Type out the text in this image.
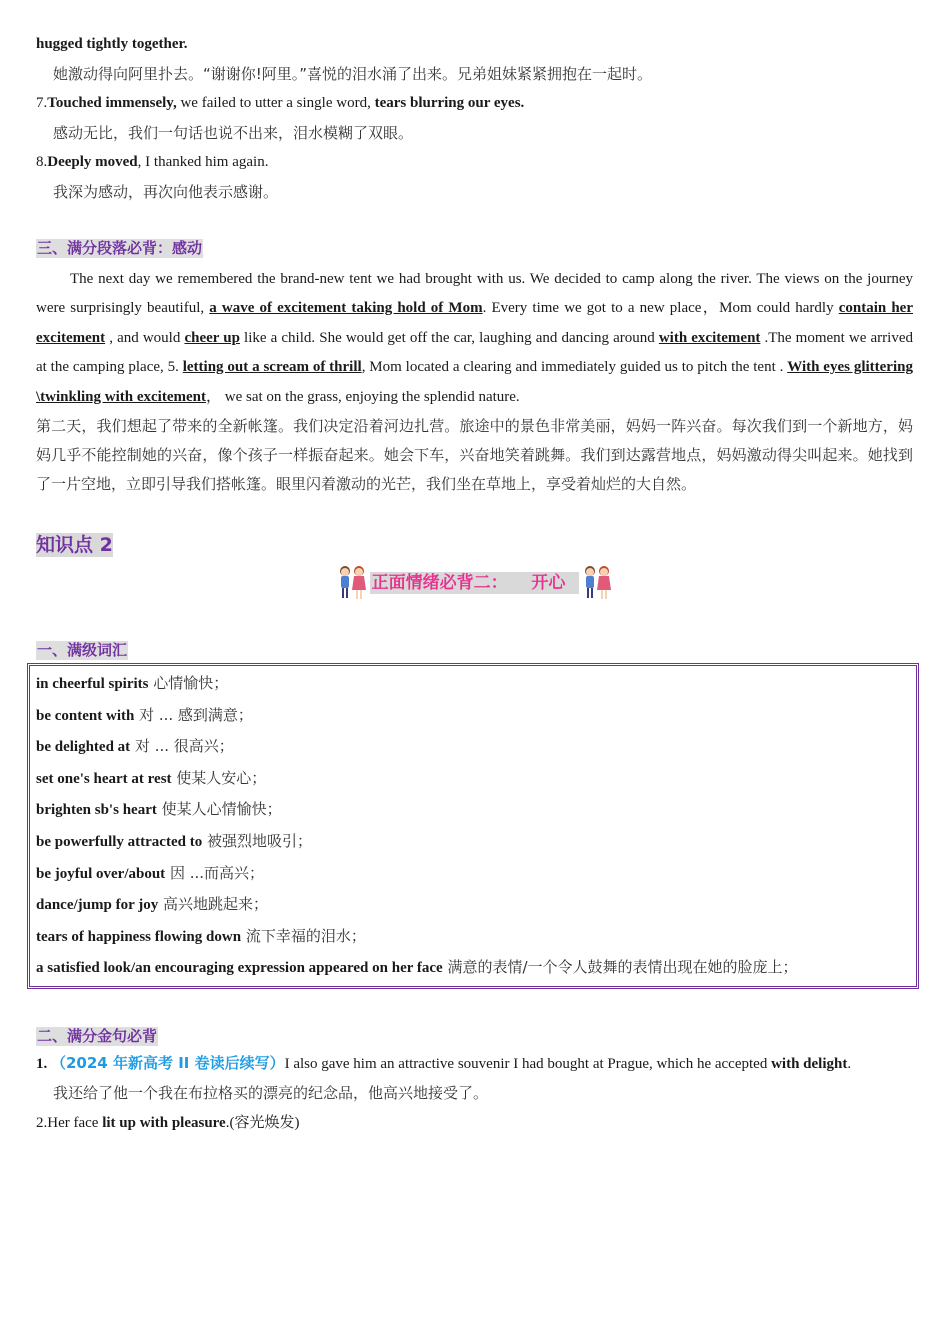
hugged tightly together.

她激动得向阿里扑去。“谢谢你!阿里。”喜悦的泪水涌了出来。兄弟姐妹紧紧拥抱在一起时。

7.Touched immensely, we failed to utter a single word, tears blurring our eyes.

感动无比，我们一句话也说不出来，泪水模糊了双眼。

8.Deeply moved, I thanked him again.

我深为感动，再次向他表示感谢。

三、满分段落必背：感动

The next day we remembered the brand-new tent we had brought with us. We decided to camp along the river. The views on the journey were surprisingly beautiful, a wave of excitement taking hold of Mom. Every time we got to a new place，Mom could hardly contain her excitement , and would cheer up like a child. She would get off the car, laughing and dancing around with excitement .The moment we arrived at the camping place, 5. letting out a scream of thrill, Mom located a clearing and immediately guided us to pitch the tent . With eyes glittering \twinkling with excitement， we sat on the grass, enjoying the splendid nature.

第二天，我们想起了带来的全新帐篷。我们决定沿着河边扎营。旅途中的景色非常美丽，妈妈一阵兴奋。每次我们到一个新地方，妈妈几乎不能控制她的兴奋，像个孩子一样振奋起来。她会下车，兴奋地笑着跳舞。我们到达露营地点，妈妈激动得尖叫起来。她找到了一片空地，立即引导我们搭帐篷。眼里闪着激动的光芒，我们坐在草地上，享受着灿烂的大自然。

知识点 2

正面情绪必背二：    开心

一、满级词汇

in cheerful spirits 心情愉快；

be content with 对 ... 感到满意；

be delighted at 对 ... 很高兴；

set one's heart at rest 使某人安心；

brighten sb's heart 使某人心情愉快；

be powerfully attracted to 被强烈地吸引；

be joyful over/about 因 ...而高兴；

dance/jump for joy 高兴地跳起来；

tears of happiness flowing down 流下幸福的泪水；

a satisfied look/an encouraging expression appeared on her face 满意的表情/一个令人鼓舞的表情出现在她的脸庞上；

二、满分金句必背

1. （2024 年新高考 II 卷读后续写）I also gave him an attractive souvenir I had bought at Prague, which he accepted with delight.

我还给了他一个我在布拉格买的漂亮的纪念品，他高兴地接受了。

2.Her face lit up with pleasure.(容光焕发)
